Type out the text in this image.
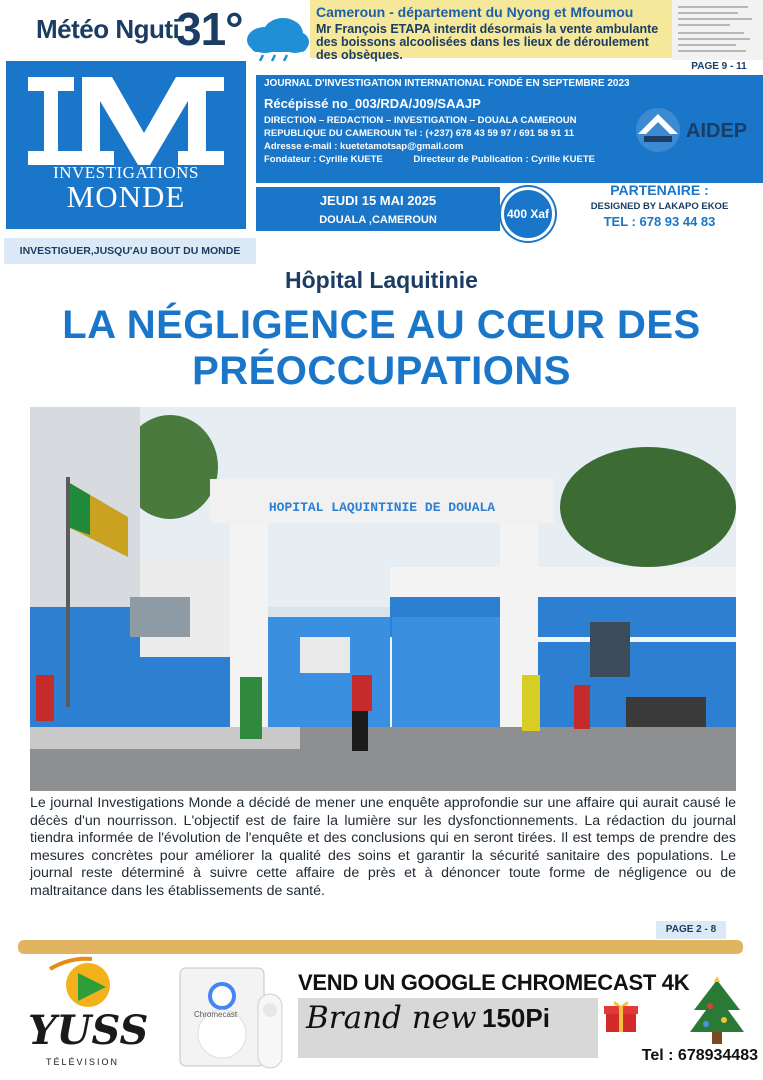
Météo Nguti
31°	Cameroun - département du Nyong et Mfoumou
Mr François ETAPA interdit désormais la vente ambulante des boissons alcoolisées dans les lieux de déroulement des obsèques.
PAGE 9 - 11
INVESTIGATIONS
MONDE
INVESTIGUER,JUSQU'AU BOUT DU MONDE
JOURNAL D'INVESTIGATION INTERNATIONAL FONDÉ EN SEPTEMBRE 2023
Récépissé no_003/RDA/J09/SAAJP
DIRECTION – REDACTION – INVESTIGATION – DOUALA CAMEROUN
REPUBLIQUE DU CAMEROUN Tel : (+237) 678 43 59 97 / 691 58 91 11
Adresse e-mail : kuetetamotsap@gmail.com
Fondateur : Cyrille KUETE	Directeur de Publication : Cyrille KUETE
AIDEP
JEUDI 15 MAI 2025
DOUALA ,CAMEROUN	400 Xaf
PARTENAIRE :
DESIGNED BY LAKAPO EKOE
TEL : 678 93 44 83
Hôpital Laquitinie
LA NÉGLIGENCE AU CŒUR DES PRÉOCCUPATIONS
HOPITAL LAQUINTINIE DE DOUALA
Le journal Investigations Monde a décidé de mener une enquête approfondie sur une affaire qui aurait causé le décès d'un nourrisson. L'objectif est de faire la lumière sur les dysfonctionnements. La rédaction du journal tiendra informée de l'évolution de l'enquête et des conclusions qui en seront tirées. Il est temps de prendre des mesures concrètes pour améliorer la qualité des soins et garantir la sécurité sanitaire des populations. Le journal reste déterminé à suivre cette affaire de près et à dénoncer toute forme de négligence ou de maltraitance dans les établissements de santé.
PAGE 2 - 8
YUSS
TÉLÉVISION
Chromecast
VEND UN GOOGLE CHROMECAST 4K
Brand new 150Pi
Tel : 678934483
